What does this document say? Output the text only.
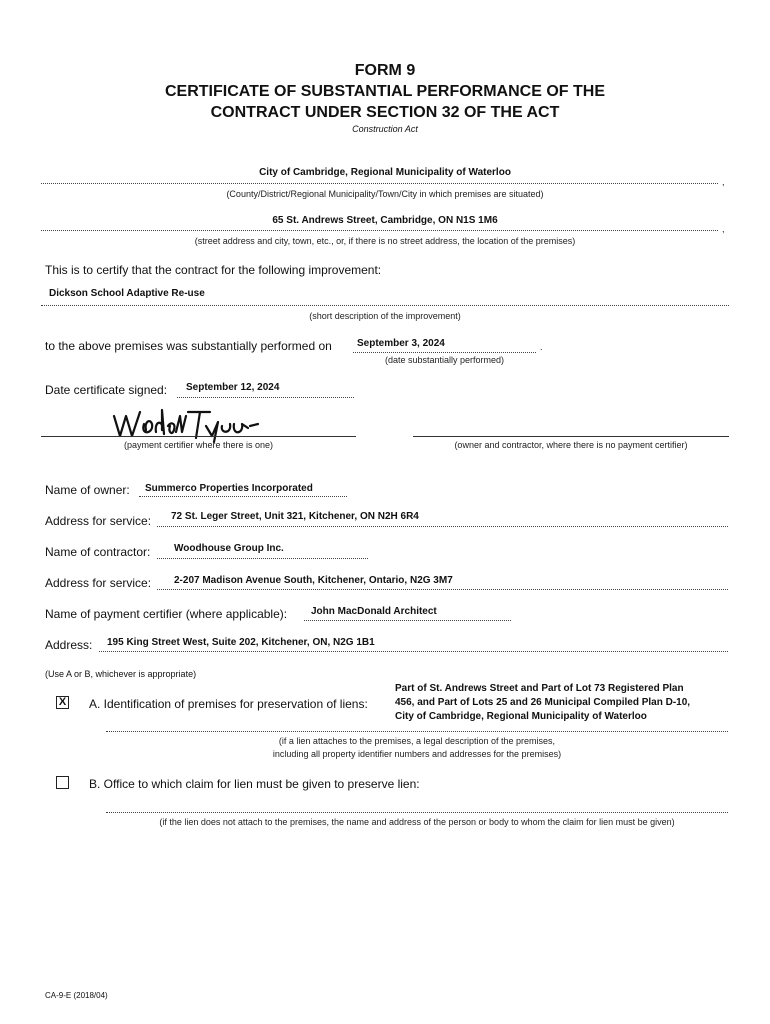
FORM 9
CERTIFICATE OF SUBSTANTIAL PERFORMANCE OF THE
CONTRACT UNDER SECTION 32 OF THE ACT
Construction Act
City of Cambridge, Regional Municipality of Waterloo
,
(County/District/Regional Municipality/Town/City in which premises are situated)
65 St. Andrews Street, Cambridge, ON N1S 1M6
,
(street address and city, town, etc., or, if there is no street address, the location of the premises)
This is to certify that the contract for the following improvement:
Dickson School Adaptive Re-use
(short description of the improvement)
to the above premises was substantially performed on	September 3, 2024	.
(date substantially performed)
Date certificate signed: September 12, 2024
(payment certifier where there is one)	(owner and contractor, where there is no payment certifier)
Name of owner: Summerco Properties Incorporated
Address for service: 72 St. Leger Street, Unit 321, Kitchener, ON N2H 6R4
Name of contractor: Woodhouse Group Inc.
Address for service: 2-207 Madison Avenue South, Kitchener, Ontario, N2G 3M7
Name of payment certifier (where applicable): John MacDonald Architect
Address: 195 King Street West, Suite 202, Kitchener, ON, N2G 1B1
(Use A or B, whichever is appropriate)
X A. Identification of premises for preservation of liens:
Part of St. Andrews Street and Part of Lot 73 Registered Plan
456, and Part of Lots 25 and 26 Municipal Compiled Plan D-10,
City of Cambridge, Regional Municipality of Waterloo
(if a lien attaches to the premises, a legal description of the premises,
including all property identifier numbers and addresses for the premises)
B. Office to which claim for lien must be given to preserve lien:
(if the lien does not attach to the premises, the name and address of the person or body to whom the claim for lien must be given)
CA-9-E (2018/04)
